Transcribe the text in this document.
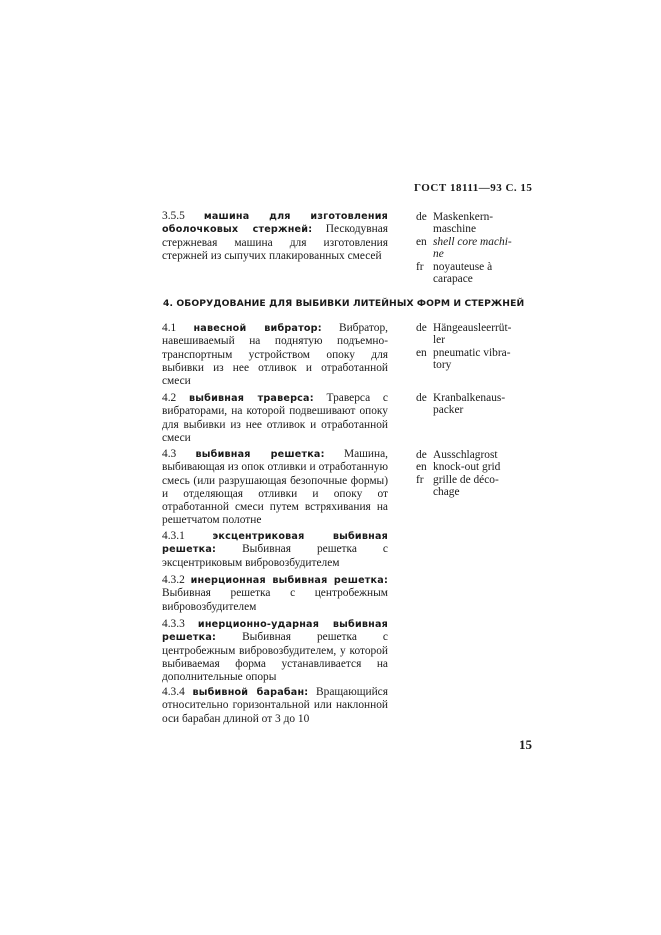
ГОСТ 18111—93 С. 15
3.5.5 машина для изготовления оболочковых стержней: Пескодувная стержневая машина для изготовления стержней из сыпучих плакированных смесей
de Maskenkern-
maschine
en shell core machi-
ne
fr noyauteuse à
carapace
4. ОБОРУДОВАНИЕ ДЛЯ ВЫБИВКИ ЛИТЕЙНЫХ ФОРМ И СТЕРЖНЕЙ
4.1 навесной вибратор: Вибратор, навешиваемый на поднятую подъемно-транспортным устройством опоку для выбивки из нее отливок и отработанной смеси
de Hängeausleerrüt-
ler
en pneumatic vibra-
tory
4.2 выбивная траверса: Траверса с вибраторами, на которой подвешивают опоку для выбивки из нее отливок и отработанной смеси
de Kranbalkenaus-
packer
4.3 выбивная решетка: Машина, выбивающая из опок отливки и отработанную смесь (или разрушающая безопочные формы) и отделяющая отливки и опоку от отработанной смеси путем встряхивания на решетчатом полотне
de Ausschlagrost
en knock-out grid
fr grille de déco-
chage
4.3.1	эксцентриковая выбивная решетка: Выбивная решетка с эксцентриковым вибровозбудителем
4.3.2 инерционная выбивная решетка: Выбивная решетка с центробежным вибровозбудителем
4.3.3 инерционно-ударная выбивная решетка: Выбивная решетка с центробежным вибровозбудителем, у которой выбиваемая форма устанавливается на дополнительные опоры
4.3.4 выбивной барабан: Вращающийся относительно горизонтальной или наклонной оси барабан длиной от 3 до 10
15
